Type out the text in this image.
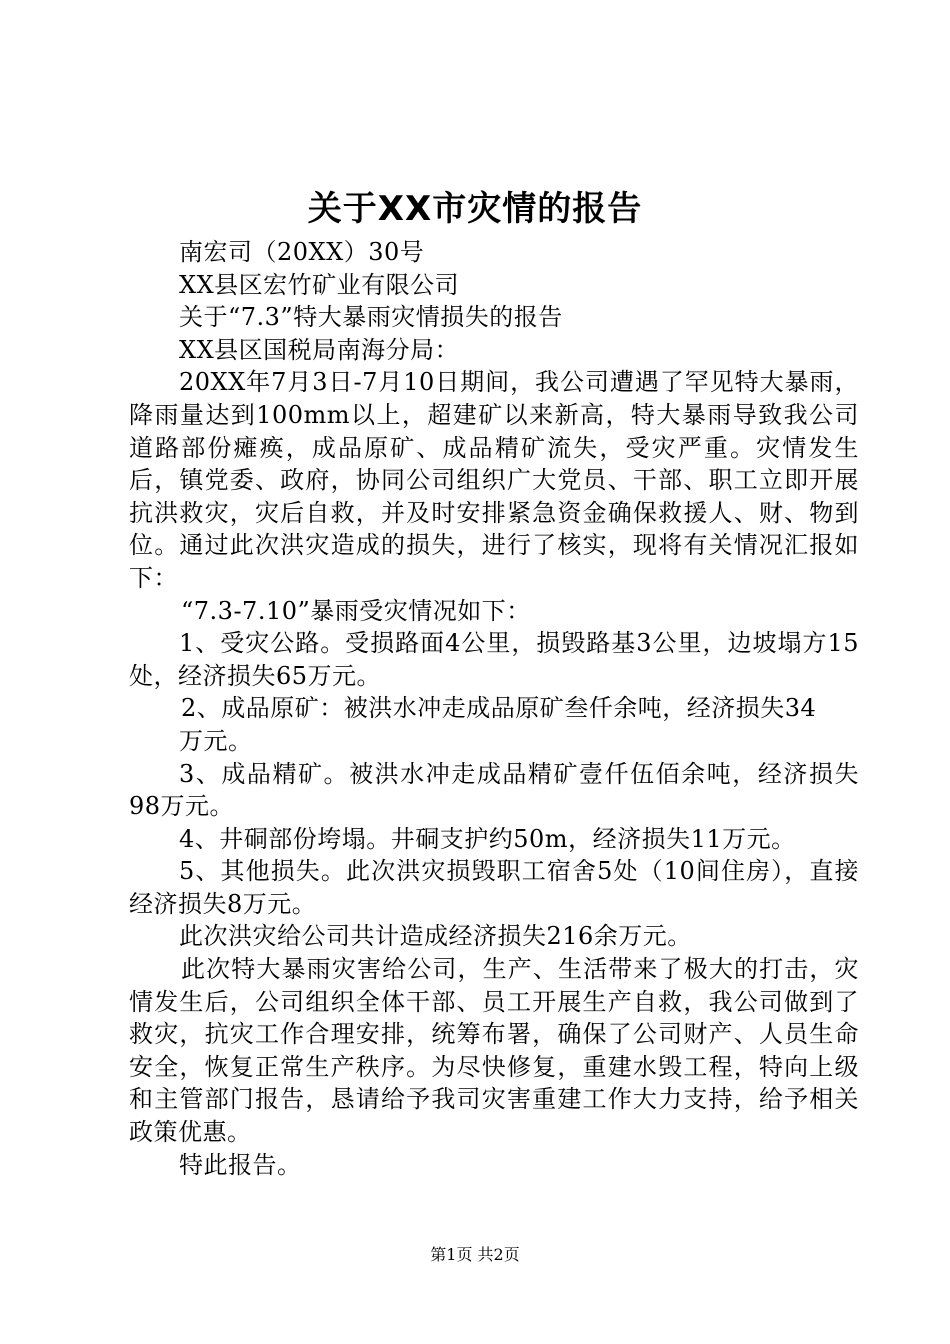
关于XX市灾情的报告

南宏司（20XX）30号

XX县区宏竹矿业有限公司

关于“7.3”特大暴雨灾情损失的报告

XX县区国税局南海分局：

20XX年7月3日-7月10日期间，我公司遭遇了罕见特大暴雨，降雨量达到100mm以上，超建矿以来新高，特大暴雨导致我公司道路部份瘫痪，成品原矿、成品精矿流失，受灾严重。灾情发生后，镇党委、政府，协同公司组织广大党员、干部、职工立即开展抗洪救灾，灾后自救，并及时安排紧急资金确保救援人、财、物到位。通过此次洪灾造成的损失，进行了核实，现将有关情况汇报如下：

“7.3-7.10”暴雨受灾情况如下：

1、受灾公路。受损路面4公里，损毁路基3公里，边坡塌方15处，经济损失65万元。

2、成品原矿：被洪水冲走成品原矿叁仟余吨，经济损失34

万元。

3、成品精矿。被洪水冲走成品精矿壹仟伍佰余吨，经济损失98万元。

4、井硐部份垮塌。井硐支护约50m，经济损失11万元。

5、其他损失。此次洪灾损毁职工宿舍5处（10间住房），直接经济损失8万元。

此次洪灾给公司共计造成经济损失216余万元。

此次特大暴雨灾害给公司，生产、生活带来了极大的打击，灾情发生后，公司组织全体干部、员工开展生产自救，我公司做到了救灾，抗灾工作合理安排，统筹布署，确保了公司财产、人员生命安全，恢复正常生产秩序。为尽快修复，重建水毁工程，特向上级和主管部门报告，恳请给予我司灾害重建工作大力支持，给予相关政策优惠。

特此报告。

第1页 共2页
